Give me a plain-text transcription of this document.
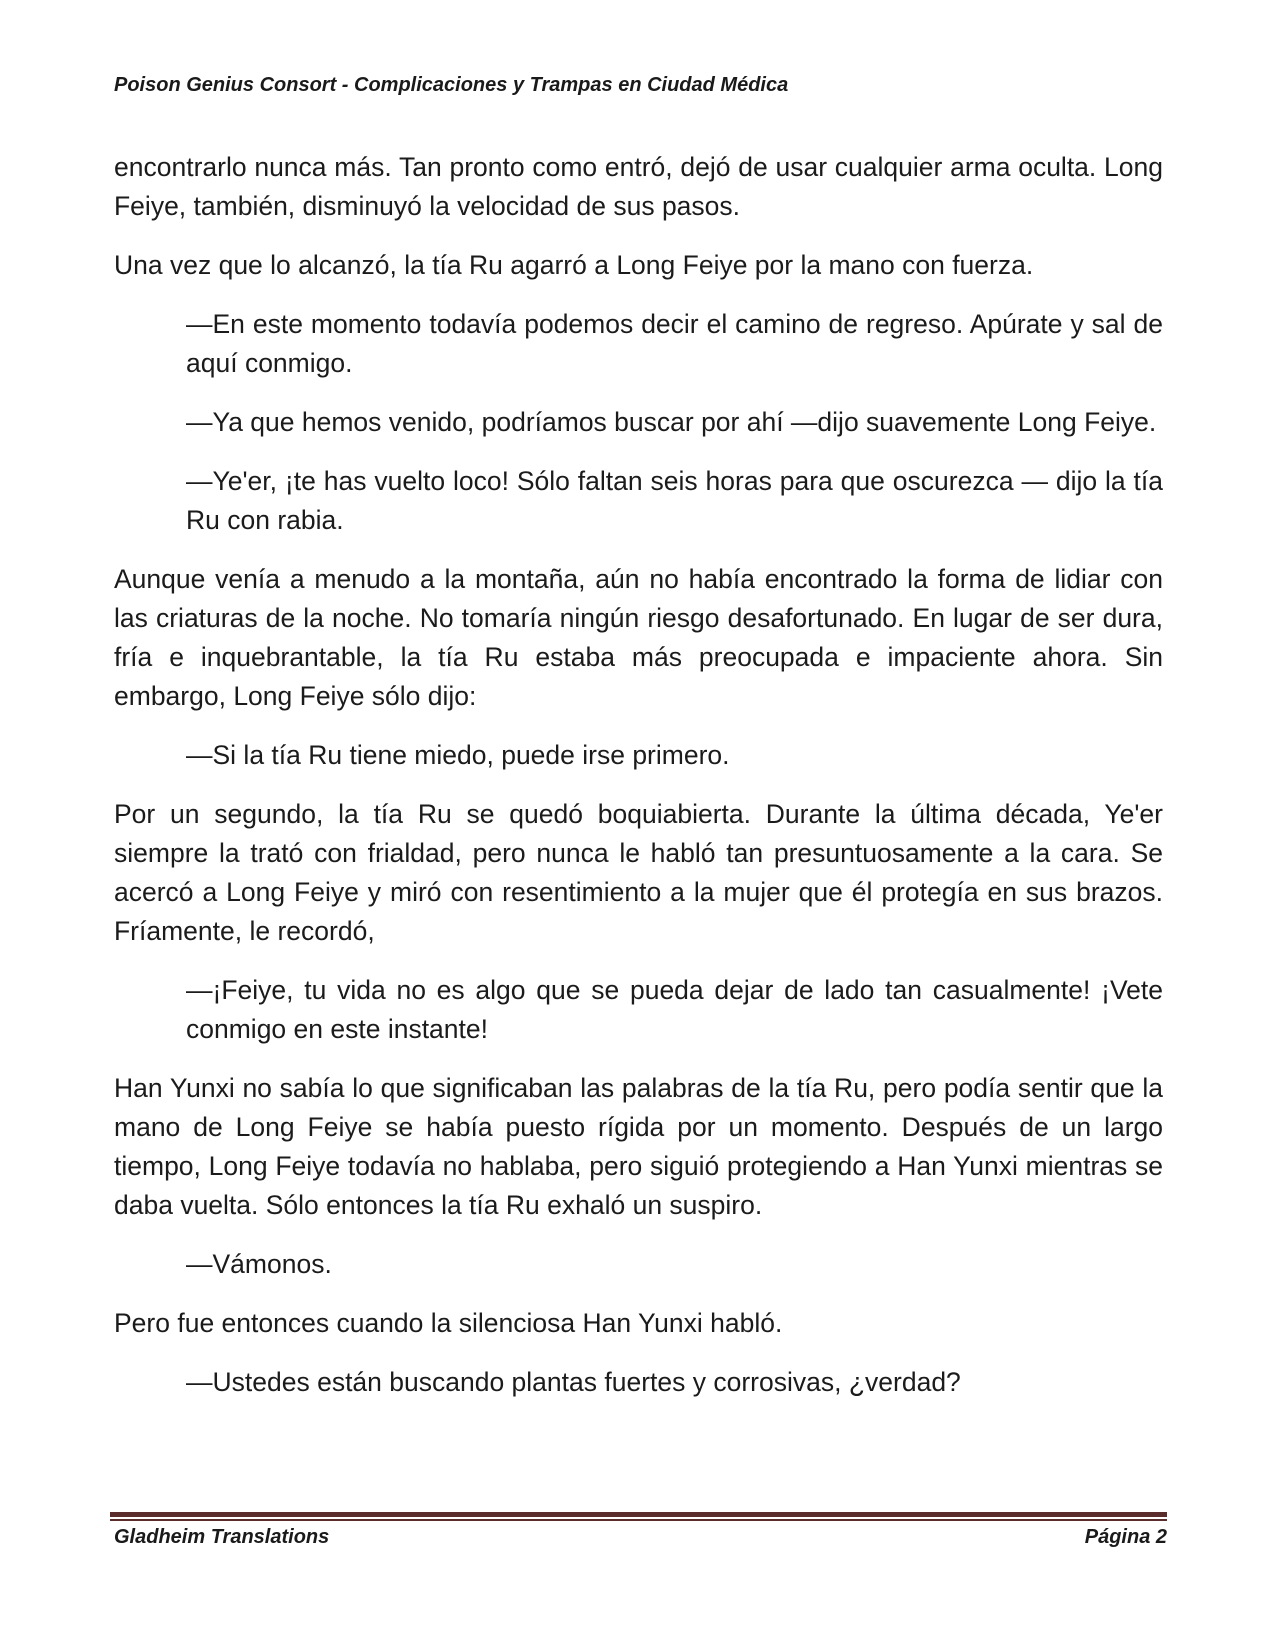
Poison Genius Consort - Complicaciones y Trampas en Ciudad Médica

encontrarlo nunca más. Tan pronto como entró, dejó de usar cualquier arma oculta. Long Feiye, también, disminuyó la velocidad de sus pasos.

Una vez que lo alcanzó, la tía Ru agarró a Long Feiye por la mano con fuerza.

—En este momento todavía podemos decir el camino de regreso. Apúrate y sal de aquí conmigo.

—Ya que hemos venido, podríamos buscar por ahí —dijo suavemente Long Feiye.

—Ye'er, ¡te has vuelto loco! Sólo faltan seis horas para que oscurezca — dijo la tía Ru con rabia.

Aunque venía a menudo a la montaña, aún no había encontrado la forma de lidiar con las criaturas de la noche. No tomaría ningún riesgo desafortunado. En lugar de ser dura, fría e inquebrantable, la tía Ru estaba más preocupada e impaciente ahora. Sin embargo, Long Feiye sólo dijo:

—Si la tía Ru tiene miedo, puede irse primero.

Por un segundo, la tía Ru se quedó boquiabierta. Durante la última década, Ye'er siempre la trató con frialdad, pero nunca le habló tan presuntuosamente a la cara. Se acercó a Long Feiye y miró con resentimiento a la mujer que él protegía en sus brazos. Fríamente, le recordó,

—¡Feiye, tu vida no es algo que se pueda dejar de lado tan casualmente! ¡Vete conmigo en este instante!

Han Yunxi no sabía lo que significaban las palabras de la tía Ru, pero podía sentir que la mano de Long Feiye se había puesto rígida por un momento. Después de un largo tiempo, Long Feiye todavía no hablaba, pero siguió protegiendo a Han Yunxi mientras se daba vuelta. Sólo entonces la tía Ru exhaló un suspiro.

—Vámonos.

Pero fue entonces cuando la silenciosa Han Yunxi habló.

—Ustedes están buscando plantas fuertes y corrosivas, ¿verdad?

Gladheim Translations	Página 2
